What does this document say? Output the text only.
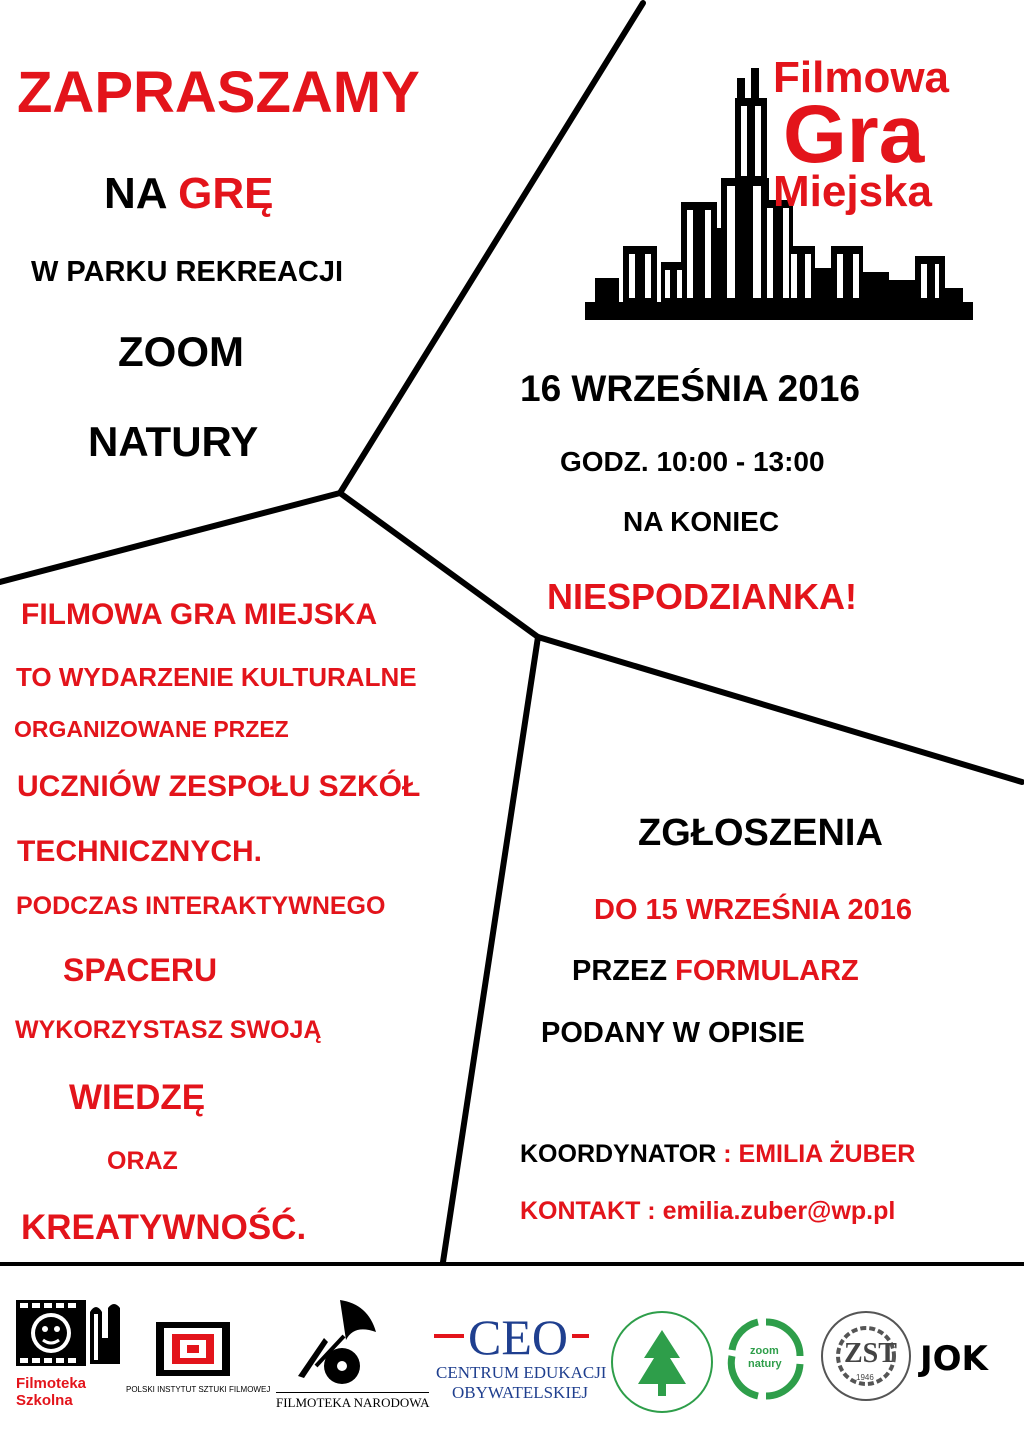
ZAPRASZAMY
NA GRĘ
W PARKU REKREACJI
ZOOM
NATURY
Filmowa
Gra
Miejska
16 WRZEŚNIA 2016
GODZ. 10:00 - 13:00
NA KONIEC
NIESPODZIANKA!
FILMOWA GRA MIEJSKA
TO WYDARZENIE KULTURALNE
ORGANIZOWANE PRZEZ
UCZNIÓW ZESPOŁU SZKÓŁ
TECHNICZNYCH.
PODCZAS INTERAKTYWNEGO
SPACERU
WYKORZYSTASZ SWOJĄ
WIEDZĘ
ORAZ
KREATYWNOŚĆ.
ZGŁOSZENIA
DO 15 WRZEŚNIA 2016
PRZEZ FORMULARZ
PODANY W OPISIE
KOORDYNATOR : EMILIA ŻUBER
KONTAKT : emilia.zuber@wp.pl
Filmoteka
Szkolna
POLSKI INSTYTUT SZTUKI FILMOWEJ
FILMOTEKA NARODOWA
CEO
CENTRUM EDUKACJI
OBYWATELSKIEJ
zoom
natury ZST
1946 JOK
